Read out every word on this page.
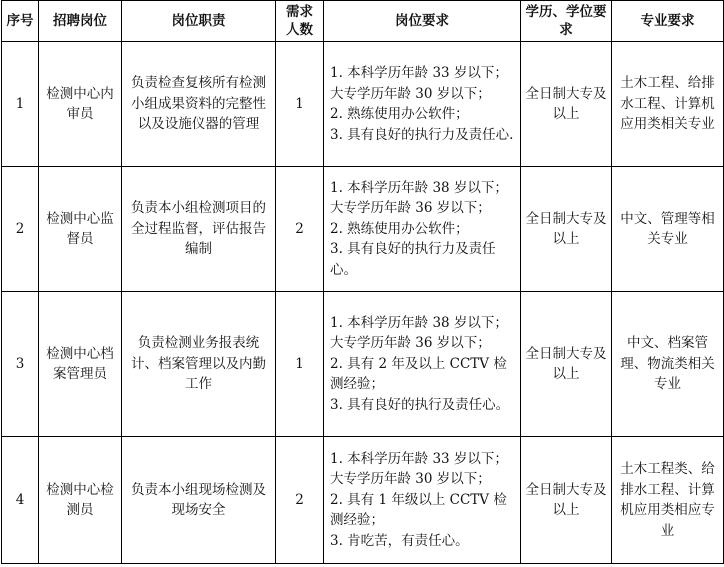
序号	招聘岗位	岗位职责	需求人数	岗位要求	学历、学位要求	专业要求
1	检测中心内审员	负责检查复核所有检测小组成果资料的完整性以及设施仪器的管理	1	1. 本科学历年龄 33 岁以下；大专学历年龄 30 岁以下；
2. 熟练使用办公软件；
3. 具有良好的执行力及责任心.	全日制大专及以上	土木工程、给排水工程、计算机应用类相关专业
2	检测中心监督员	负责本小组检测项目的全过程监督，评估报告编制	2	1. 本科学历年龄 38 岁以下；大专学历年龄 36 岁以下；
2. 熟练使用办公软件；
3. 具有良好的执行力及责任心。	全日制大专及以上	中文、管理等相关专业
3	检测中心档案管理员	负责检测业务报表统计、档案管理以及内勤工作	1	1. 本科学历年龄 38 岁以下；大专学历年龄 36 岁以下；
2. 具有 2 年及以上 CCTV 检测经验；
3. 具有良好的执行及责任心。	全日制大专及以上	中文、档案管理、物流类相关专业
4	检测中心检测员	负责本小组现场检测及现场安全	2	1. 本科学历年龄 33 岁以下；大专学历年龄 30 岁以下；
2. 具有 1 年级以上 CCTV 检测经验；
3. 肯吃苦，有责任心。	全日制大专及以上	土木工程类、给排水工程、计算机应用类相应专业
